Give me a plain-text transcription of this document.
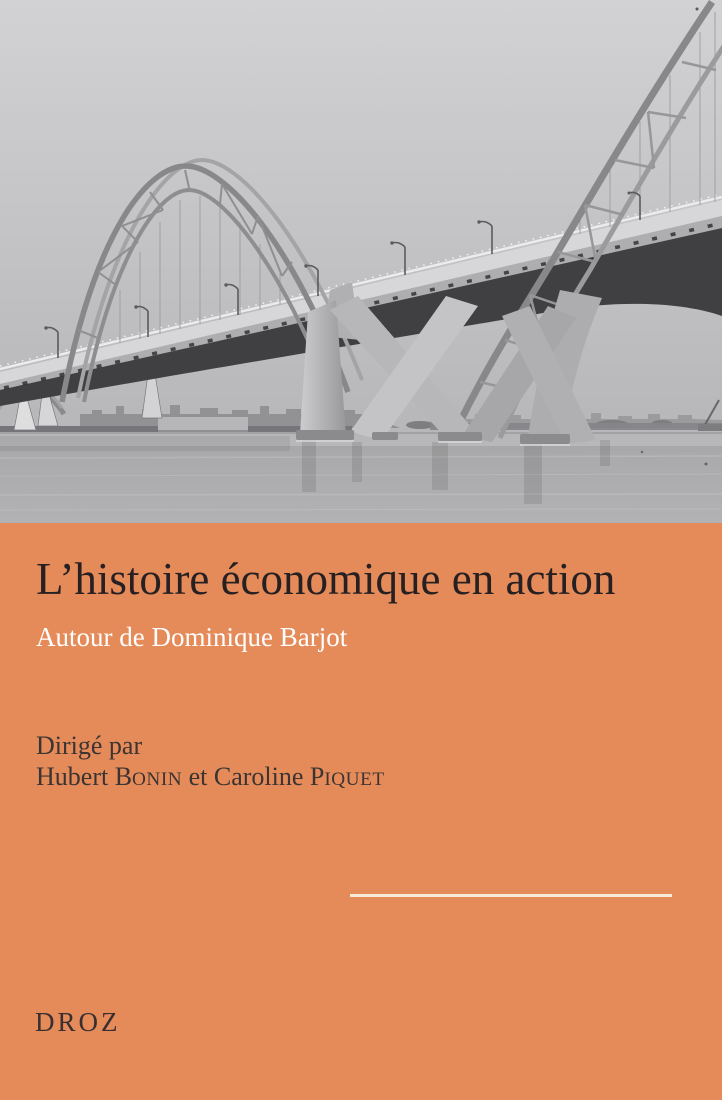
L’histoire économique en action
Autour de Dominique Barjot
Dirigé par
Hubert BONIN et Caroline PIQUET
DROZ
